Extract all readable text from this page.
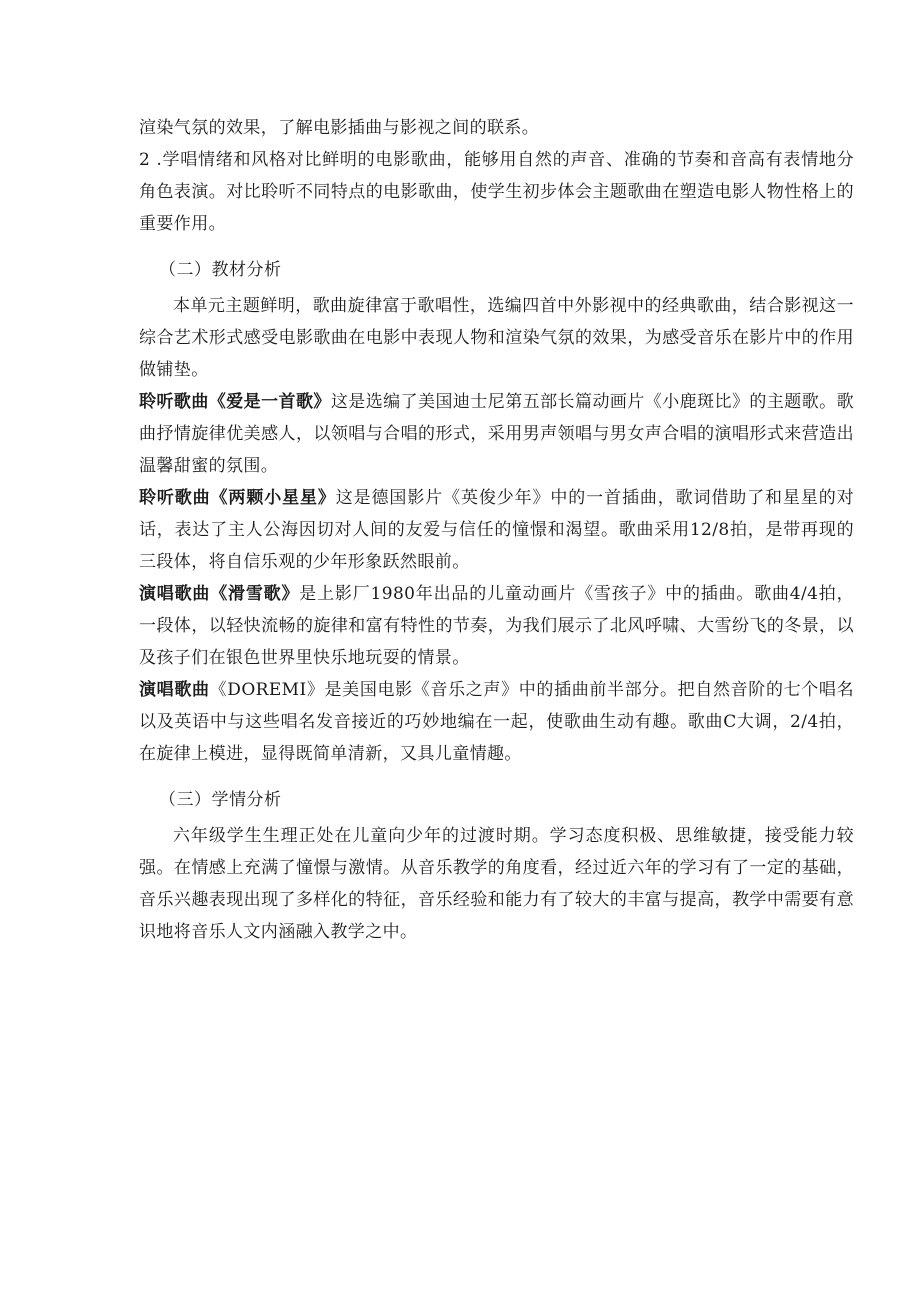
渲染气氛的效果，了解电影插曲与影视之间的联系。

2 .学唱情绪和风格对比鲜明的电影歌曲，能够用自然的声音、准确的节奏和音高有表情地分角色表演。对比聆听不同特点的电影歌曲，使学生初步体会主题歌曲在塑造电影人物性格上的重要作用。

（二）教材分析

本单元主题鲜明，歌曲旋律富于歌唱性，选编四首中外影视中的经典歌曲，结合影视这一综合艺术形式感受电影歌曲在电影中表现人物和渲染气氛的效果，为感受音乐在影片中的作用做铺垫。

聆听歌曲《爱是一首歌》这是选编了美国迪士尼第五部长篇动画片《小鹿斑比》的主题歌。歌曲抒情旋律优美感人，以领唱与合唱的形式，采用男声领唱与男女声合唱的演唱形式来营造出温馨甜蜜的氛围。

聆听歌曲《两颗小星星》这是德国影片《英俊少年》中的一首插曲，歌词借助了和星星的对话，表达了主人公海因切对人间的友爱与信任的憧憬和渴望。歌曲采用12/8拍，是带再现的三段体，将自信乐观的少年形象跃然眼前。

演唱歌曲《滑雪歌》是上影厂1980年出品的儿童动画片《雪孩子》中的插曲。歌曲4/4拍，一段体，以轻快流畅的旋律和富有特性的节奏，为我们展示了北风呼啸、大雪纷飞的冬景，以及孩子们在银色世界里快乐地玩耍的情景。

演唱歌曲《DOREMI》是美国电影《音乐之声》中的插曲前半部分。把自然音阶的七个唱名以及英语中与这些唱名发音接近的巧妙地编在一起，使歌曲生动有趣。歌曲C大调，2/4拍，在旋律上模进，显得既简单清新，又具儿童情趣。

（三）学情分析

六年级学生生理正处在儿童向少年的过渡时期。学习态度积极、思维敏捷，接受能力较强。在情感上充满了憧憬与激情。从音乐教学的角度看，经过近六年的学习有了一定的基础，音乐兴趣表现出现了多样化的特征，音乐经验和能力有了较大的丰富与提高，教学中需要有意识地将音乐人文内涵融入教学之中。
